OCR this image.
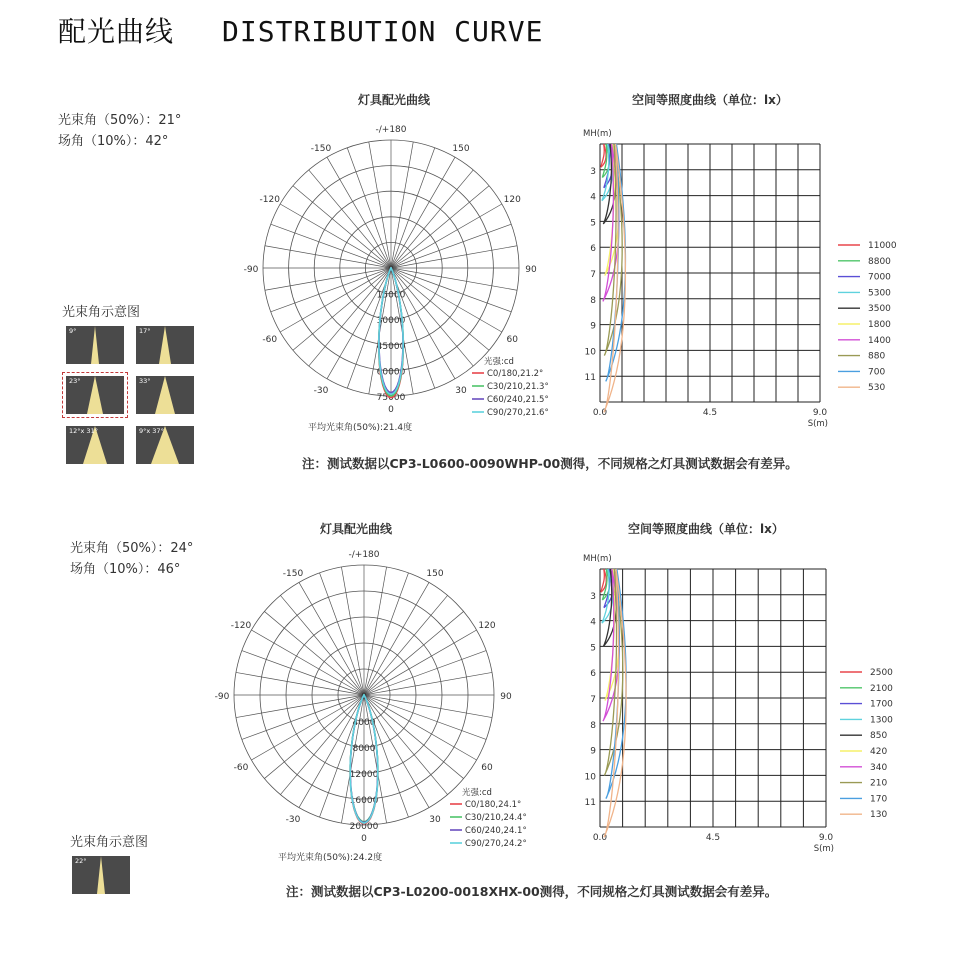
配光曲线 DISTRIBUTION CURVE
光束角（50%）：21°
场角（10%）：42°
光束角示意图
9°	17°
23°	33°
12°x 31°	9°x 37°
灯具配光曲线
-/+180
-150	150
-120	120
-90	90
-60	60
-30	30
0
0
15000
30000
45000
60000
75000
C0/180,21.2°
C30/210,21.3°
C60/240,21.5°
C90/270,21.6°
光强:cd
平均光束角(50%):21.4度
空间等照度曲线（单位：lx）
MH(m)
3
4
5
6
7
8
9
10
11
0.0	4.5	9.0
S(m)
11000
8800
7000
5300
3500
1800
1400
880
700
530
注：测试数据以CP3-L0600-0090WHP-00测得，不同规格之灯具测试数据会有差异。
光束角（50%）：24°
场角（10%）：46°
光束角示意图
22°
灯具配光曲线
-/+180
-150	150
-120	120
-90	90
-60	60
-30	30
0
0
4000
8000
12000
16000
20000
C0/180,24.1°
C30/210,24.4°
C60/240,24.1°
C90/270,24.2°
光强:cd
平均光束角(50%):24.2度
空间等照度曲线（单位：lx）
MH(m)
3
4
5
6
7
8
9
10
11
0.0	4.5	9.0
S(m)
2500
2100
1700
1300
850
420
340
210
170
130
注：测试数据以CP3-L0200-0018XHX-00测得，不同规格之灯具测试数据会有差异。
